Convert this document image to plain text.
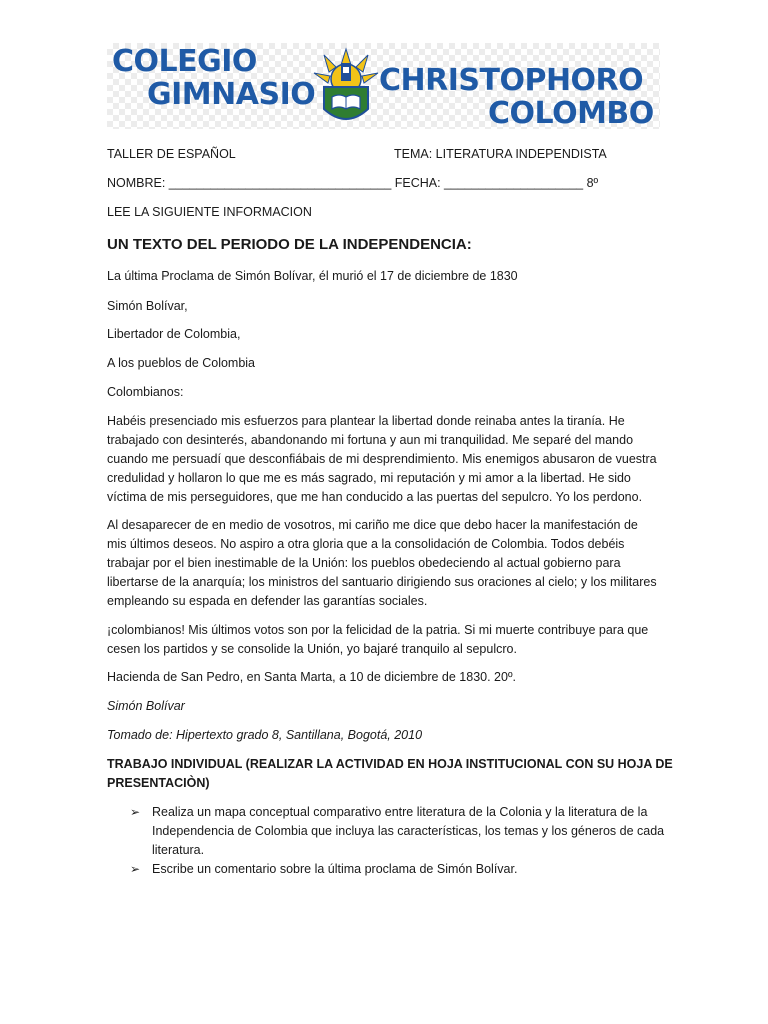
COLEGIO
GIMNASIO CHRISTOPHORO
COLOMBO
TALLER DE ESPAÑOL	TEMA: LITERATURA INDEPENDISTA
NOMBRE: ________________________________ FECHA: ____________________ 8º
LEE LA SIGUIENTE INFORMACION
UN TEXTO DEL PERIODO DE LA INDEPENDENCIA:
La última Proclama de Simón Bolívar, él murió el 17 de diciembre de 1830
Simón Bolívar,
Libertador de Colombia,
A los pueblos de Colombia
Colombianos:
Habéis presenciado mis esfuerzos para plantear la libertad donde reinaba antes la tiranía. He
trabajado con desinterés, abandonando mi fortuna y aun mi tranquilidad. Me separé del mando
cuando me persuadí que desconfiábais de mi desprendimiento. Mis enemigos abusaron de vuestra
credulidad y hollaron lo que me es más sagrado, mi reputación y mi amor a la libertad. He sido
víctima de mis perseguidores, que me han conducido a las puertas del sepulcro. Yo los perdono.
Al desaparecer de en medio de vosotros, mi cariño me dice que debo hacer la manifestación de
mis últimos deseos. No aspiro a otra gloria que a la consolidación de Colombia. Todos debéis
trabajar por el bien inestimable de la Unión: los pueblos obedeciendo al actual gobierno para
libertarse de la anarquía; los ministros del santuario dirigiendo sus oraciones al cielo; y los militares
empleando su espada en defender las garantías sociales.
¡colombianos! Mis últimos votos son por la felicidad de la patria. Si mi muerte contribuye para que
cesen los partidos y se consolide la Unión, yo bajaré tranquilo al sepulcro.
Hacienda de San Pedro, en Santa Marta, a 10 de diciembre de 1830. 20º.
Simón Bolívar
Tomado de: Hipertexto grado 8, Santillana, Bogotá, 2010
TRABAJO INDIVIDUAL (REALIZAR LA ACTIVIDAD EN HOJA INSTITUCIONAL CON SU HOJA DE
PRESENTACIÒN)
➢ Realiza un mapa conceptual comparativo entre literatura de la Colonia y la literatura de la
Independencia de Colombia que incluya las características, los temas y los géneros de cada
literatura.
➢ Escribe un comentario sobre la última proclama de Simón Bolívar.
